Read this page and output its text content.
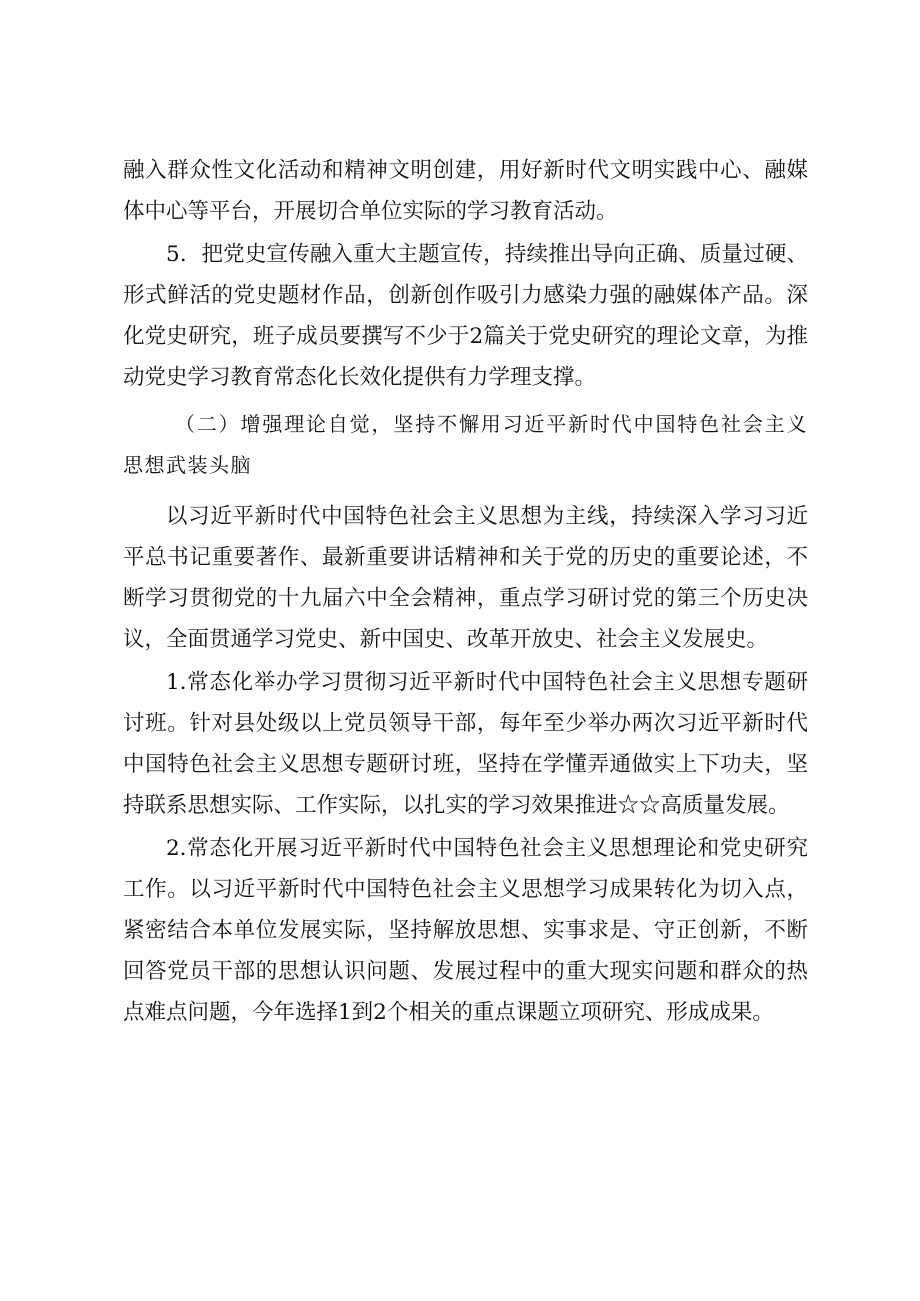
融入群众性文化活动和精神文明创建，用好新时代文明实践中心、融媒体中心等平台，开展切合单位实际的学习教育活动。

5．把党史宣传融入重大主题宣传，持续推出导向正确、质量过硬、形式鲜活的党史题材作品，创新创作吸引力感染力强的融媒体产品。深化党史研究，班子成员要撰写不少于2篇关于党史研究的理论文章，为推动党史学习教育常态化长效化提供有力学理支撑。

（二）增强理论自觉，坚持不懈用习近平新时代中国特色社会主义思想武装头脑

以习近平新时代中国特色社会主义思想为主线，持续深入学习习近平总书记重要著作、最新重要讲话精神和关于党的历史的重要论述，不断学习贯彻党的十九届六中全会精神，重点学习研讨党的第三个历史决议，全面贯通学习党史、新中国史、改革开放史、社会主义发展史。

1.常态化举办学习贯彻习近平新时代中国特色社会主义思想专题研讨班。针对县处级以上党员领导干部，每年至少举办两次习近平新时代中国特色社会主义思想专题研讨班，坚持在学懂弄通做实上下功夫，坚持联系思想实际、工作实际，以扎实的学习效果推进☆☆高质量发展。

2.常态化开展习近平新时代中国特色社会主义思想理论和党史研究工作。以习近平新时代中国特色社会主义思想学习成果转化为切入点，紧密结合本单位发展实际，坚持解放思想、实事求是、守正创新，不断回答党员干部的思想认识问题、发展过程中的重大现实问题和群众的热点难点问题，今年选择1到2个相关的重点课题立项研究、形成成果。
